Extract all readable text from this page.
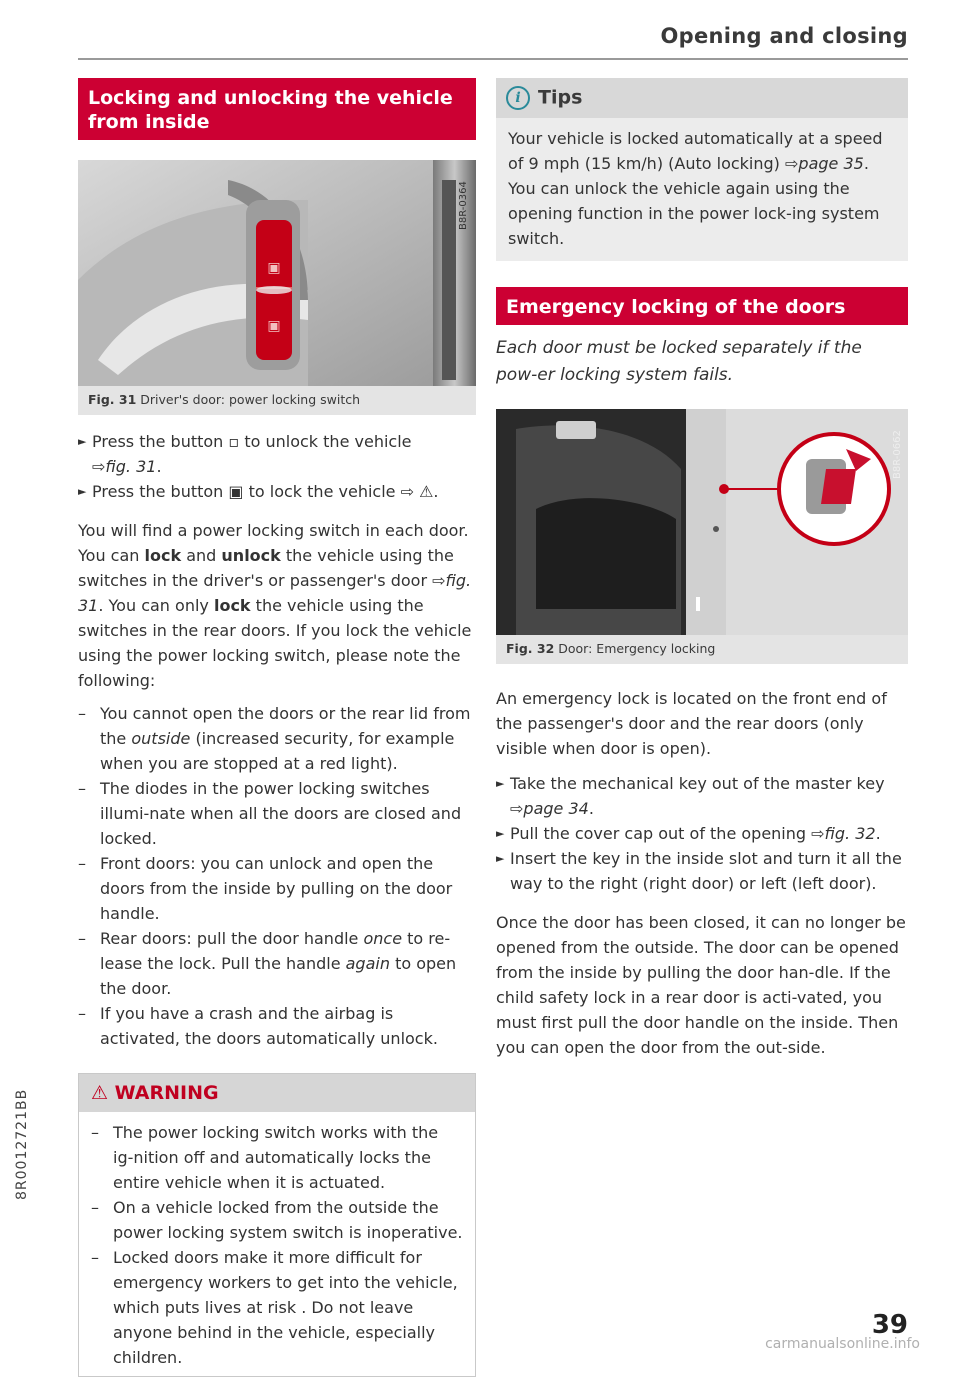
Opening and closing
Locking and unlocking the vehicle from inside
▣
▣
B8R-0364
Fig. 31 Driver's door: power locking switch
► Press the button ▫ to unlock the vehicle
⇨fig. 31.
► Press the button ▣ to lock the vehicle ⇨ ⚠.
You will find a power locking switch in each door. You can lock and unlock the vehicle using the switches in the driver's or passenger's door ⇨fig. 31. You can only lock the vehicle using the switches in the rear doors. If you lock the vehicle using the power locking switch, please note the following:
– You cannot open the doors or the rear lid from the outside (increased security, for example when you are stopped at a red light).
– The diodes in the power locking switches illumi-nate when all the doors are closed and locked.
– Front doors: you can unlock and open the doors from the inside by pulling on the door handle.
– Rear doors: pull the door handle once to re-lease the lock. Pull the handle again to open the door.
– If you have a crash and the airbag is activated, the doors automatically unlock.
⚠ WARNING
– The power locking switch works with the ig-nition off and automatically locks the entire vehicle when it is actuated.
– On a vehicle locked from the outside the power locking system switch is inoperative.
– Locked doors make it more difficult for emergency workers to get into the vehicle, which puts lives at risk . Do not leave anyone behind in the vehicle, especially children.
i Tips
Your vehicle is locked automatically at a speed of 9 mph (15 km/h) (Auto locking) ⇨page 35. You can unlock the vehicle again using the opening function in the power lock-ing system switch.
Emergency locking of the doors
Each door must be locked separately if the pow-er locking system fails.
B8R-0662
Fig. 32 Door: Emergency locking

An emergency lock is located on the front end of the passenger's door and the rear doors (only visible when door is open).

► Take the mechanical key out of the master key
⇨page 34.
► Pull the cover cap out of the opening ⇨fig. 32.
► Insert the key in the inside slot and turn it all the way to the right (right door) or left (left door).

Once the door has been closed, it can no longer be opened from the outside. The door can be opened from the inside by pulling the door han-dle. If the child safety lock in a rear door is acti-vated, you must first pull the door handle on the inside. Then you can open the door from the out-side.

8R0012721BB
39
carmanualsonline.info
